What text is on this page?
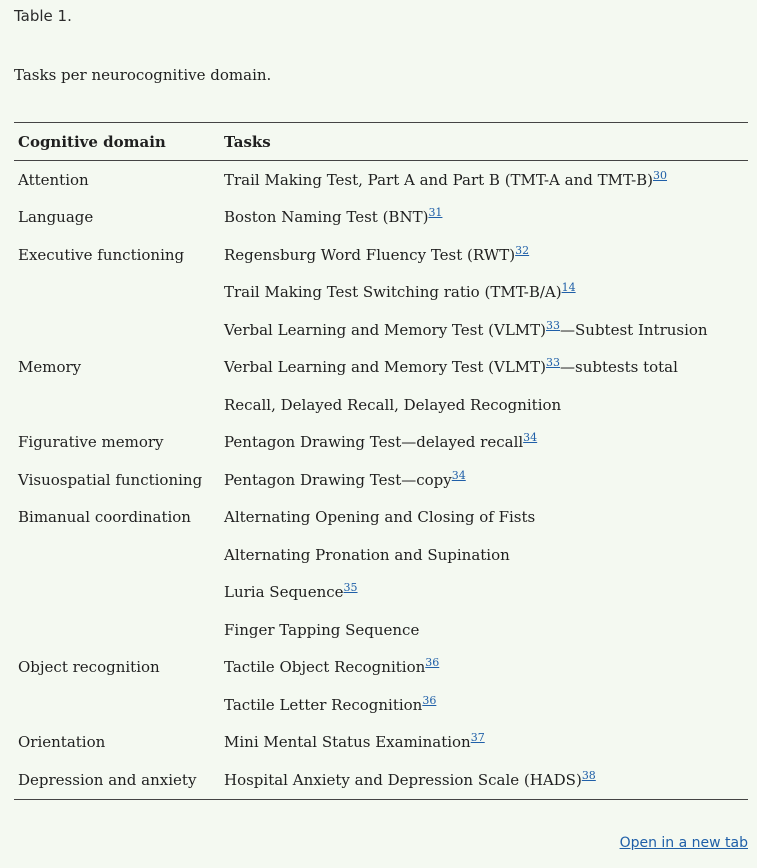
Table 1.

Tasks per neurocognitive domain.

Cognitive domain	Tasks
Attention	Trail Making Test, Part A and Part B (TMT-A and TMT-B)$^{30}$
Language	Boston Naming Test (BNT)$^{31}$
Executive functioning	Regensburg Word Fluency Test (RWT)$^{32}$
	Trail Making Test Switching ratio (TMT-B/A)$^{14}$
	Verbal Learning and Memory Test (VLMT)$^{33}$—Subtest Intrusion
Memory	Verbal Learning and Memory Test (VLMT)$^{33}$—subtests total
	Recall, Delayed Recall, Delayed Recognition
Figurative memory	Pentagon Drawing Test—delayed recall$^{34}$
Visuospatial functioning	Pentagon Drawing Test—copy$^{34}$
Bimanual coordination	Alternating Opening and Closing of Fists
	Alternating Pronation and Supination
	Luria Sequence$^{35}$
	Finger Tapping Sequence
Object recognition	Tactile Object Recognition$^{36}$
	Tactile Letter Recognition$^{36}$
Orientation	Mini Mental Status Examination$^{37}$
Depression and anxiety	Hospital Anxiety and Depression Scale (HADS)$^{38}$
Open in a new tab
